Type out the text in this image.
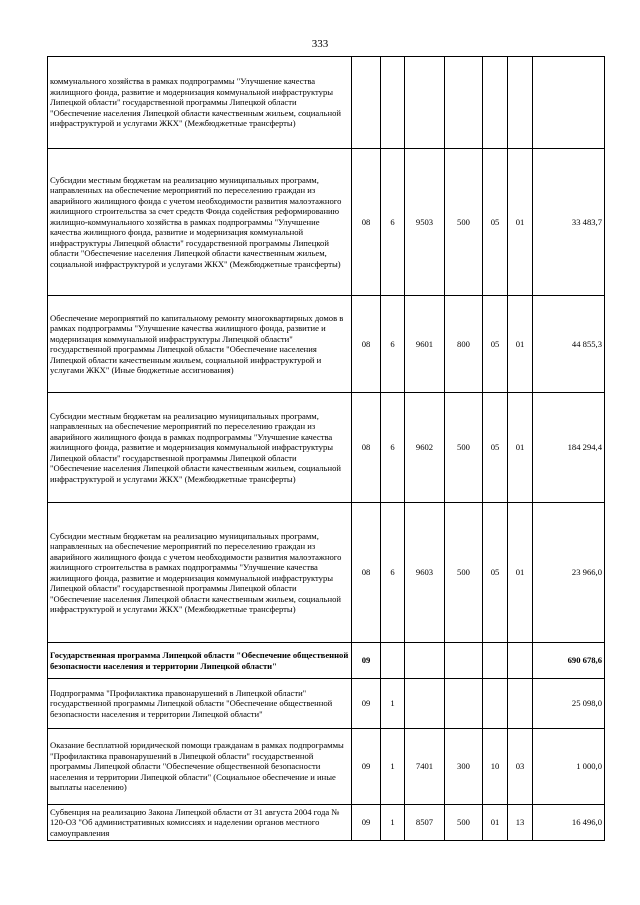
333
коммунального хозяйства в рамках подпрограммы "Улучшение качества жилищного фонда, развитие и модернизация коммунальной инфраструктуры Липецкой области" государственной программы Липецкой области "Обеспечение населения Липецкой области качественным жильем, социальной инфраструктурой и услугами ЖКХ" (Межбюджетные трансферты)							
Субсидии местным бюджетам на реализацию муниципальных программ, направленных на обеспечение мероприятий по переселению граждан из аварийного жилищного фонда с учетом необходимости развития малоэтажного жилищного строительства за счет средств Фонда содействия реформированию жилищно-коммунального хозяйства в рамках подпрограммы "Улучшение качества жилищного фонда, развитие и модернизация коммунальной инфраструктуры Липецкой области" государственной программы Липецкой области "Обеспечение населения Липецкой области качественным жильем, социальной инфраструктурой и услугами ЖКХ" (Межбюджетные трансферты)	08	6	9503	500	05	01	33 483,7
Обеспечение мероприятий по капитальному ремонту многоквартирных домов в рамках подпрограммы "Улучшение качества жилищного фонда, развитие и модернизация коммунальной инфраструктуры Липецкой области" государственной программы Липецкой области "Обеспечение населения Липецкой области качественным жильем, социальной инфраструктурой и услугами ЖКХ" (Иные бюджетные ассигнования)	08	6	9601	800	05	01	44 855,3
Субсидии местным бюджетам на реализацию муниципальных программ, направленных на обеспечение мероприятий по переселению граждан из аварийного жилищного фонда в рамках подпрограммы "Улучшение качества жилищного фонда, развитие и модернизация коммунальной инфраструктуры Липецкой области" государственной программы Липецкой области "Обеспечение населения Липецкой области качественным жильем, социальной инфраструктурой и услугами ЖКХ" (Межбюджетные трансферты)	08	6	9602	500	05	01	184 294,4
Субсидии местным бюджетам на реализацию муниципальных программ, направленных на обеспечение мероприятий по переселению граждан из аварийного жилищного фонда с учетом необходимости развития малоэтажного жилищного строительства в рамках подпрограммы "Улучшение качества жилищного фонда, развитие и модернизация коммунальной инфраструктуры Липецкой области" государственной программы Липецкой области "Обеспечение населения Липецкой области качественным жильем, социальной инфраструктурой и услугами ЖКХ" (Межбюджетные трансферты)	08	6	9603	500	05	01	23 966,0
Государственная программа Липецкой области "Обеспечение общественной безопасности населения и территории Липецкой области"	09						690 678,6
Подпрограмма "Профилактика правонарушений в Липецкой области" государственной программы Липецкой области "Обеспечение общественной безопасности населения и территории Липецкой области"	09	1					25 098,0
Оказание бесплатной юридической помощи гражданам в рамках подпрограммы "Профилактика правонарушений в Липецкой области" государственной программы Липецкой области "Обеспечение общественной безопасности населения и территории Липецкой области" (Социальное обеспечение и иные выплаты населению)	09	1	7401	300	10	03	1 000,0
Субвенция на реализацию Закона Липецкой области от 31 августа 2004 года № 120-ОЗ "Об административных комиссиях и наделении органов местного самоуправления	09	1	8507	500	01	13	16 496,0
